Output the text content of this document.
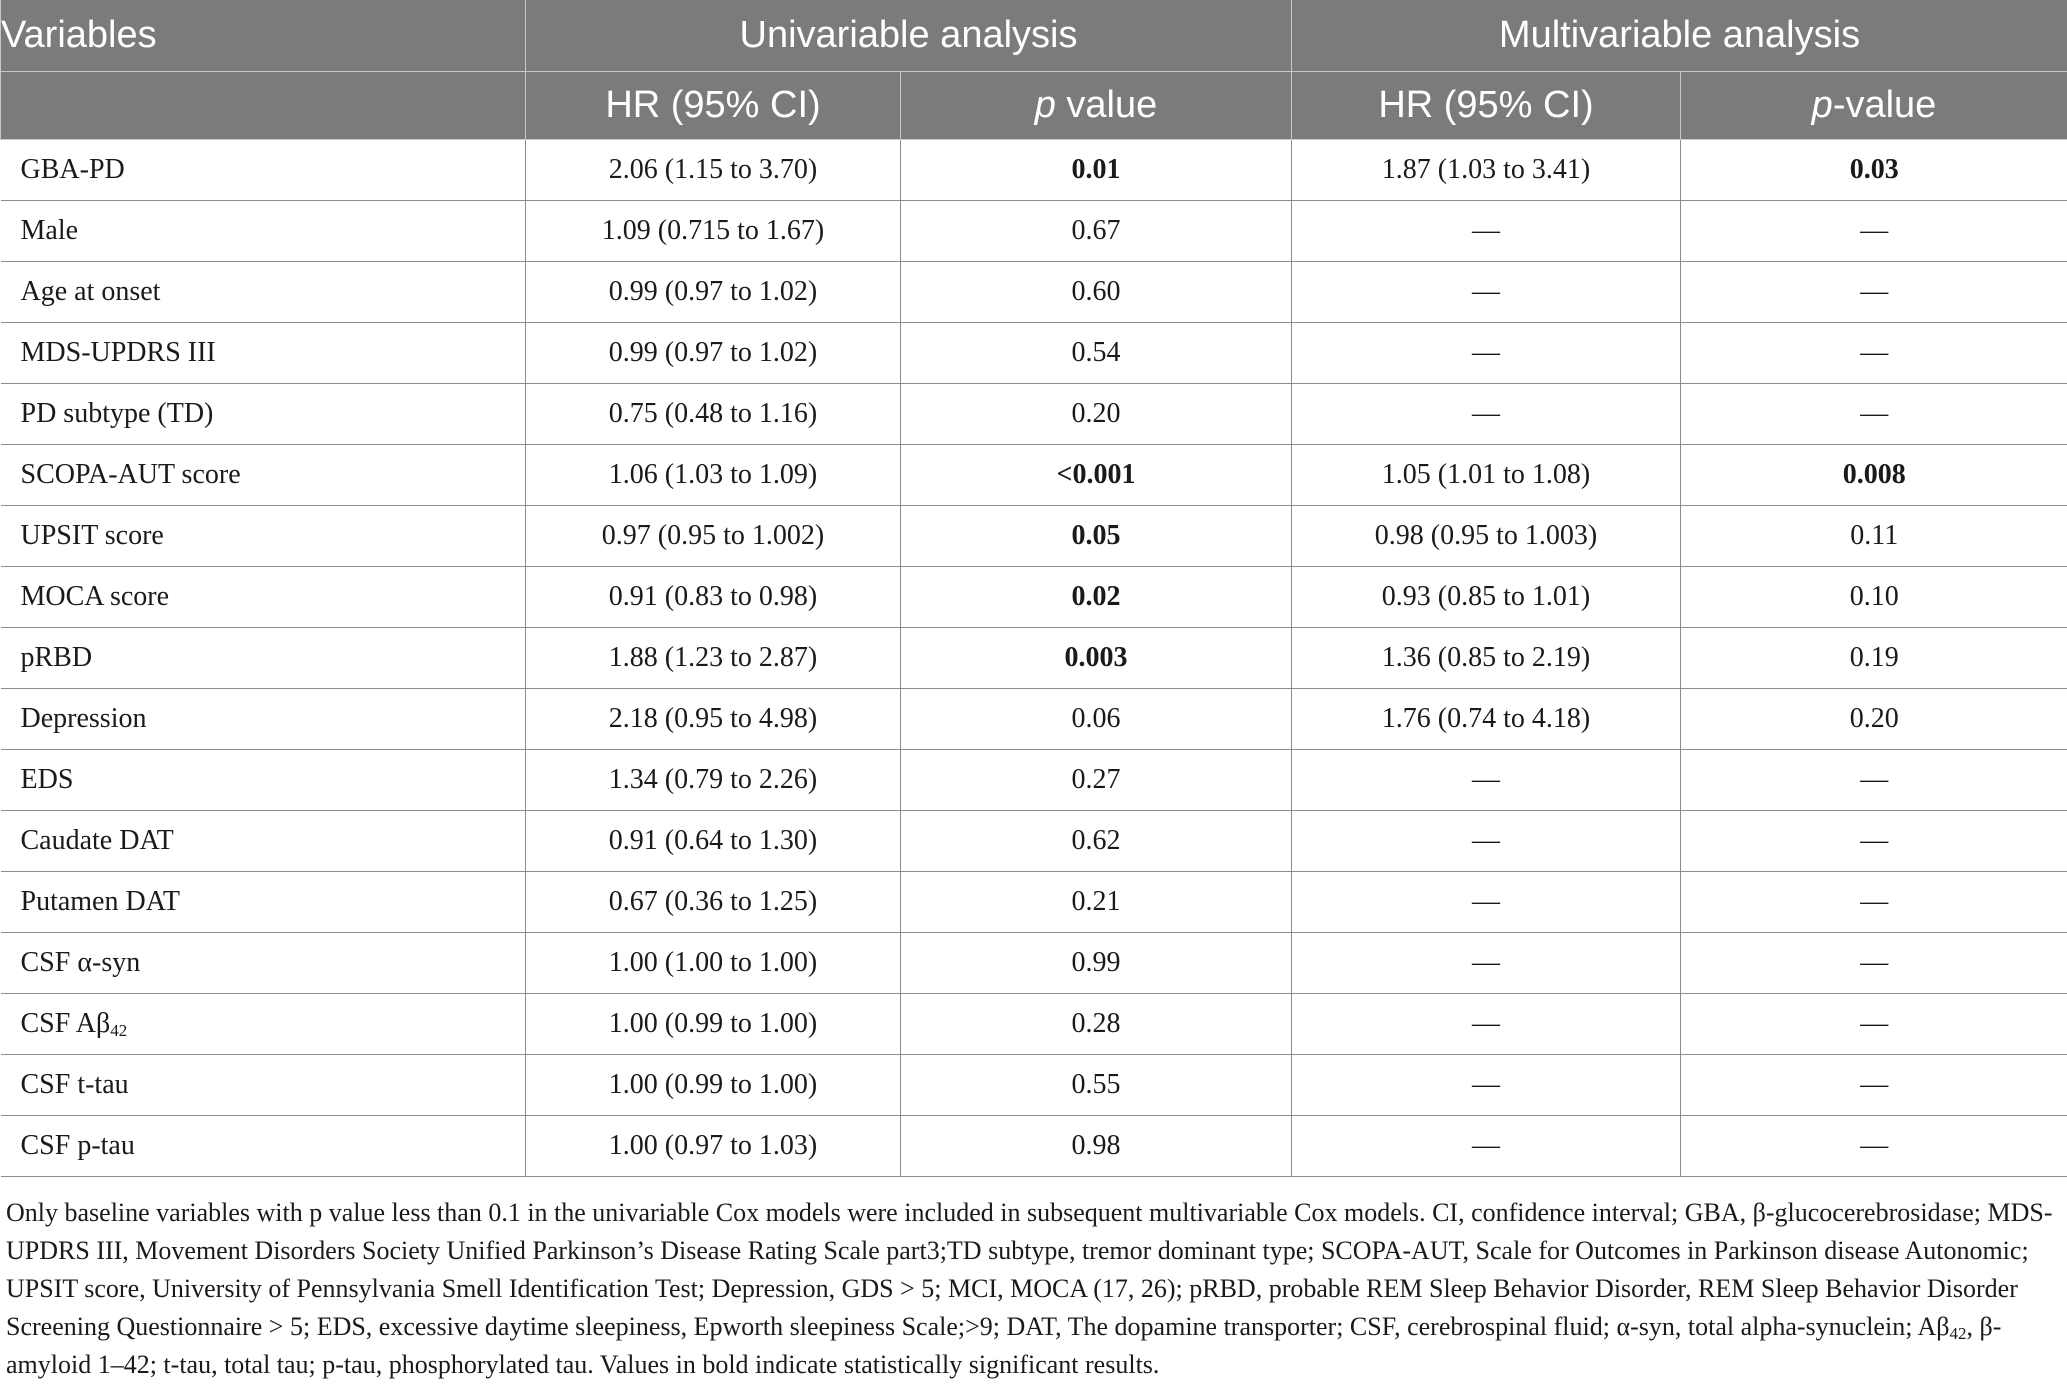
Variables	Univariable analysis		Multivariable analysis	
	HR (95% CI)	p value	HR (95% CI)	p-value
GBA-PD	2.06 (1.15 to 3.70)	0.01	1.87 (1.03 to 3.41)	0.03
Male	1.09 (0.715 to 1.67)	0.67	—	—
Age at onset	0.99 (0.97 to 1.02)	0.60	—	—
MDS-UPDRS III	0.99 (0.97 to 1.02)	0.54	—	—
PD subtype (TD)	0.75 (0.48 to 1.16)	0.20	—	—
SCOPA-AUT score	1.06 (1.03 to 1.09)	<0.001	1.05 (1.01 to 1.08)	0.008
UPSIT score	0.97 (0.95 to 1.002)	0.05	0.98 (0.95 to 1.003)	0.11
MOCA score	0.91 (0.83 to 0.98)	0.02	0.93 (0.85 to 1.01)	0.10
pRBD	1.88 (1.23 to 2.87)	0.003	1.36 (0.85 to 2.19)	0.19
Depression	2.18 (0.95 to 4.98)	0.06	1.76 (0.74 to 4.18)	0.20
EDS	1.34 (0.79 to 2.26)	0.27	—	—
Caudate DAT	0.91 (0.64 to 1.30)	0.62	—	—
Putamen DAT	0.67 (0.36 to 1.25)	0.21	—	—
CSF α-syn	1.00 (1.00 to 1.00)	0.99	—	—
CSF $A\beta_{42}$	1.00 (0.99 to 1.00)	0.28	—	—
CSF t-tau	1.00 (0.99 to 1.00)	0.55	—	—
CSF p-tau	1.00 (0.97 to 1.03)	0.98	—	—
Only baseline variables with p value less than 0.1 in the univariable Cox models were included in subsequent multivariable Cox models. CI, confidence interval; GBA, β-glucocerebrosidase; MDS-UPDRS III, Movement Disorders Society Unified Parkinson’s Disease Rating Scale part3;TD subtype, tremor dominant type; SCOPA-AUT, Scale for Outcomes in Parkinson disease Autonomic; UPSIT score, University of Pennsylvania Smell Identification Test; Depression, GDS > 5; MCI, MOCA (17, 26); pRBD, probable REM Sleep Behavior Disorder, REM Sleep Behavior Disorder Screening Questionnaire > 5; EDS, excessive daytime sleepiness, Epworth sleepiness Scale;>9; DAT, The dopamine transporter; CSF, cerebrospinal fluid; α-syn, total alpha-synuclein; $A\beta_{42}$, β-amyloid 1–42; t-tau, total tau; p-tau, phosphorylated tau. Values in bold indicate statistically significant results.
